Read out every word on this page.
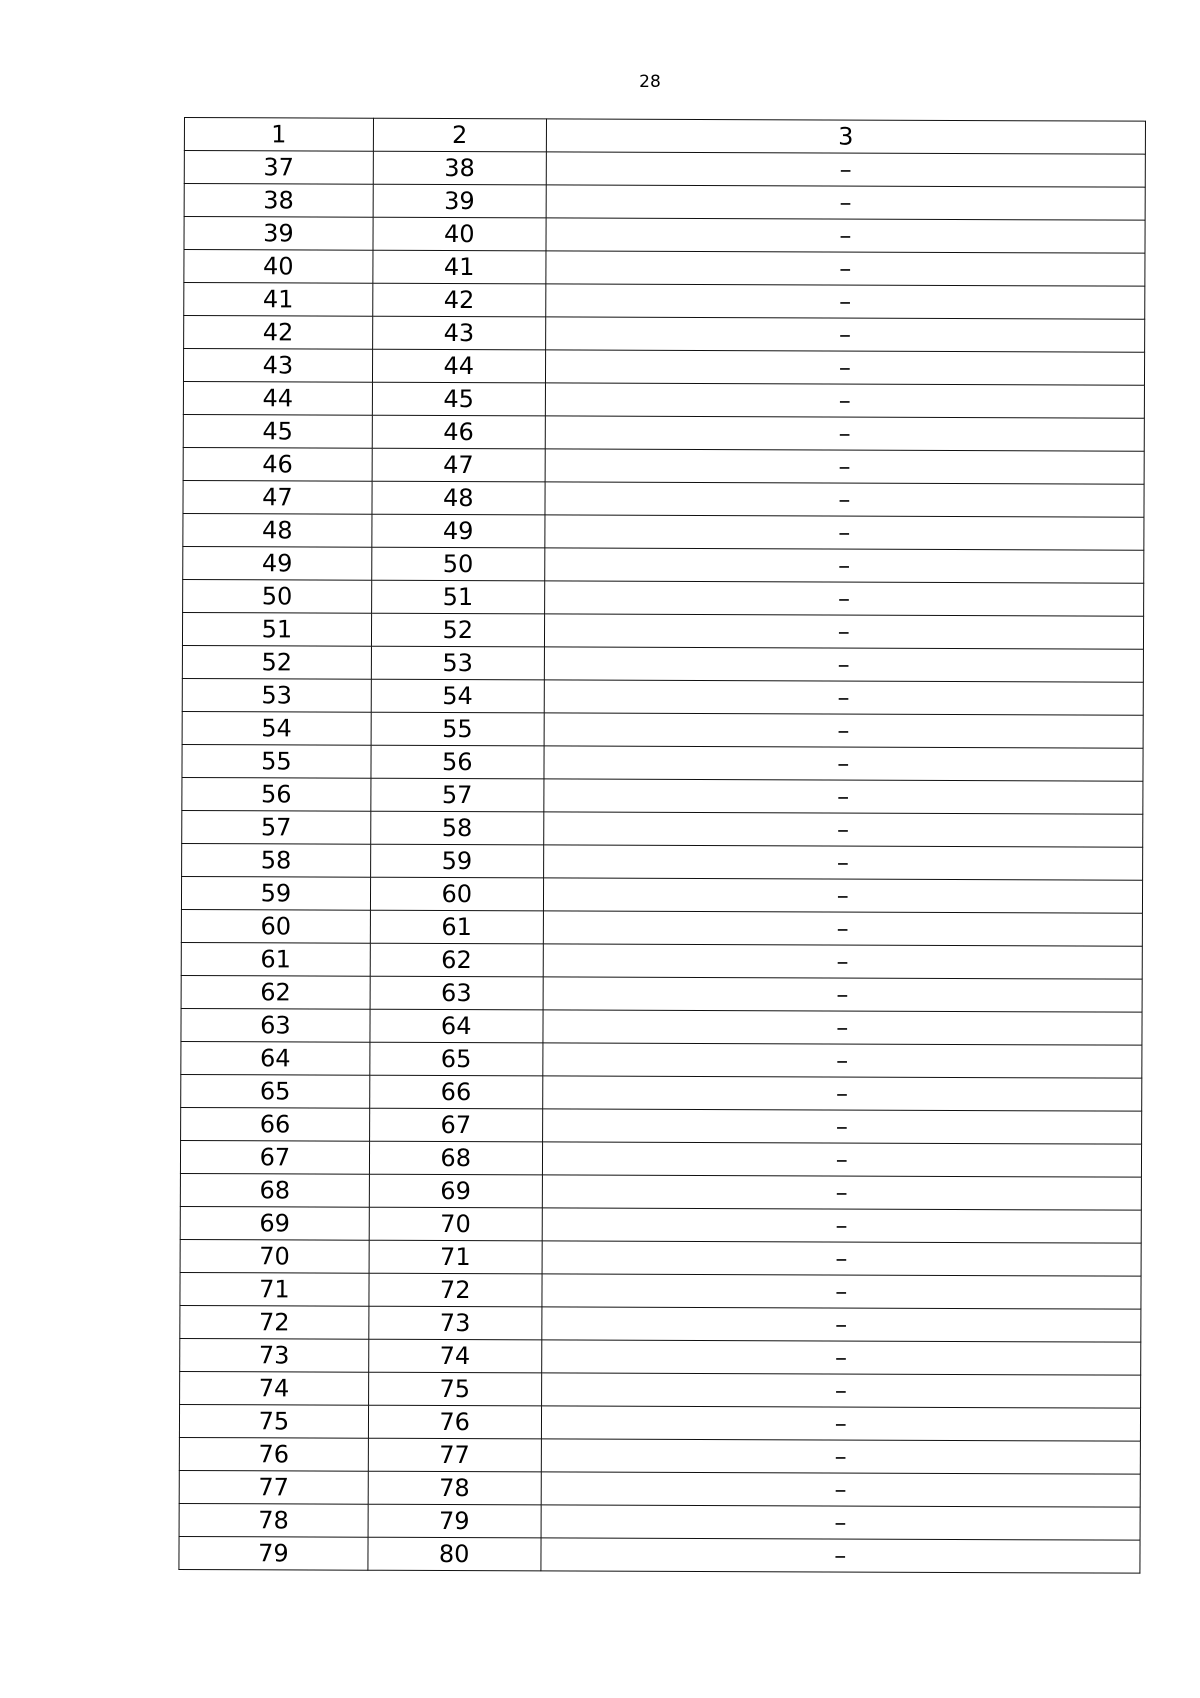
28
1	2	3
37	38	–
38	39	–
39	40	–
40	41	–
41	42	–
42	43	–
43	44	–
44	45	–
45	46	–
46	47	–
47	48	–
48	49	–
49	50	–
50	51	–
51	52	–
52	53	–
53	54	–
54	55	–
55	56	–
56	57	–
57	58	–
58	59	–
59	60	–
60	61	–
61	62	–
62	63	–
63	64	–
64	65	–
65	66	–
66	67	–
67	68	–
68	69	–
69	70	–
70	71	–
71	72	–
72	73	–
73	74	–
74	75	–
75	76	–
76	77	–
77	78	–
78	79	–
79	80	–
